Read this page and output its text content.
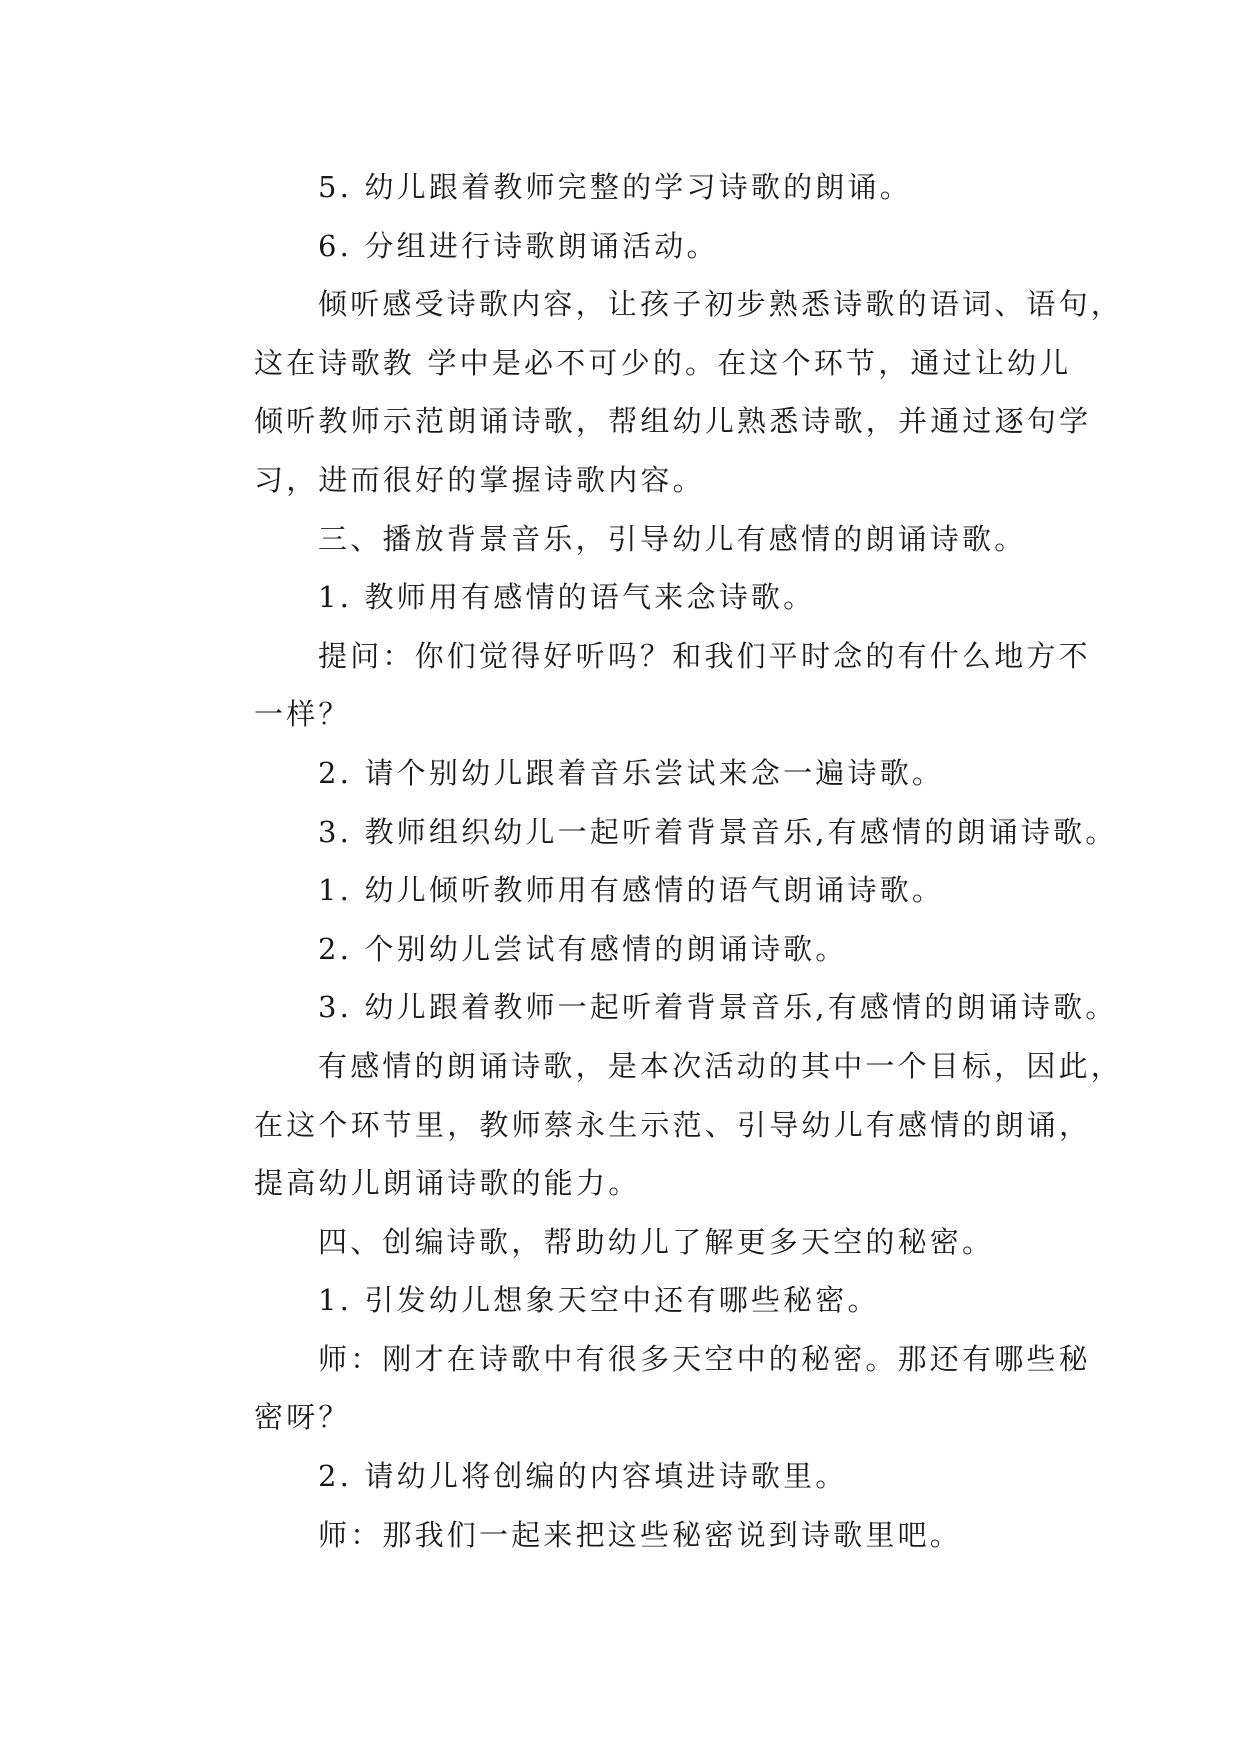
5. 幼儿跟着教师完整的学习诗歌的朗诵。
6. 分组进行诗歌朗诵活动。
倾听感受诗歌内容，让孩子初步熟悉诗歌的语词、语句，
这在诗歌教 学中是必不可少的。在这个环节，通过让幼儿
倾听教师示范朗诵诗歌，帮组幼儿熟悉诗歌，并通过逐句学
习，进而很好的掌握诗歌内容。
三、播放背景音乐，引导幼儿有感情的朗诵诗歌。
1. 教师用有感情的语气来念诗歌。
提问：你们觉得好听吗？和我们平时念的有什么地方不
一样？
2. 请个别幼儿跟着音乐尝试来念一遍诗歌。
3. 教师组织幼儿一起听着背景音乐,有感情的朗诵诗歌。
1. 幼儿倾听教师用有感情的语气朗诵诗歌。
2. 个别幼儿尝试有感情的朗诵诗歌。
3. 幼儿跟着教师一起听着背景音乐,有感情的朗诵诗歌。
有感情的朗诵诗歌，是本次活动的其中一个目标，因此，
在这个环节里，教师蔡永生示范、引导幼儿有感情的朗诵，
提高幼儿朗诵诗歌的能力。
四、创编诗歌，帮助幼儿了解更多天空的秘密。
1. 引发幼儿想象天空中还有哪些秘密。
师：刚才在诗歌中有很多天空中的秘密。那还有哪些秘
密呀？
2. 请幼儿将创编的内容填进诗歌里。
师：那我们一起来把这些秘密说到诗歌里吧。
